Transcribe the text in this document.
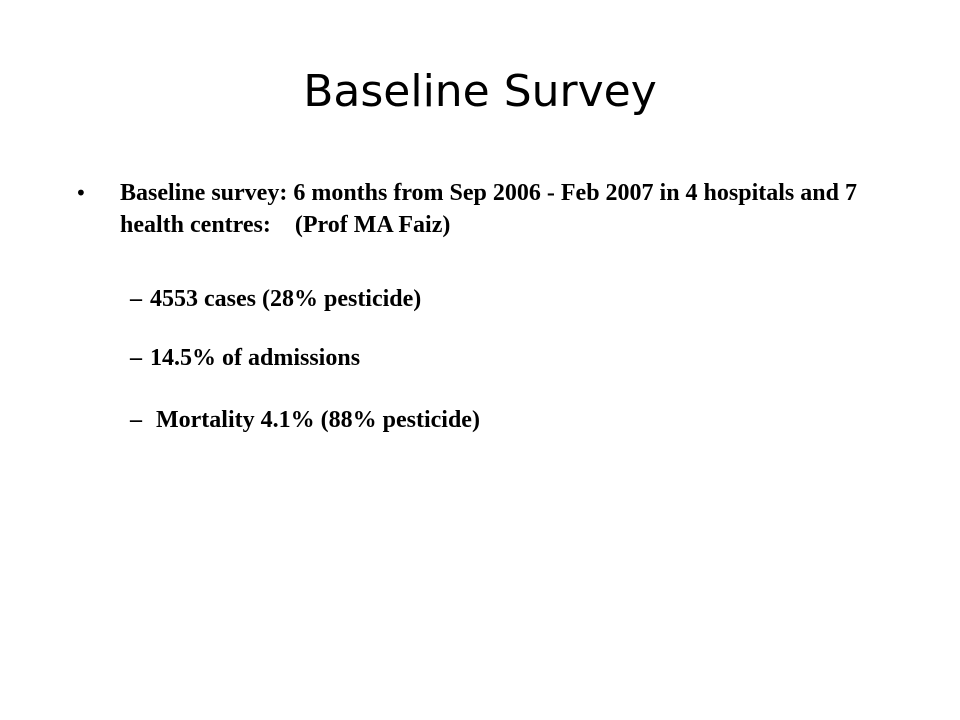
Baseline Survey
• Baseline survey: 6 months from Sep 2006 - Feb 2007 in 4 hospitals and 7 health centres:    (Prof MA Faiz)
– 4553 cases (28% pesticide)
– 14.5% of admissions
– Mortality 4.1% (88% pesticide)
